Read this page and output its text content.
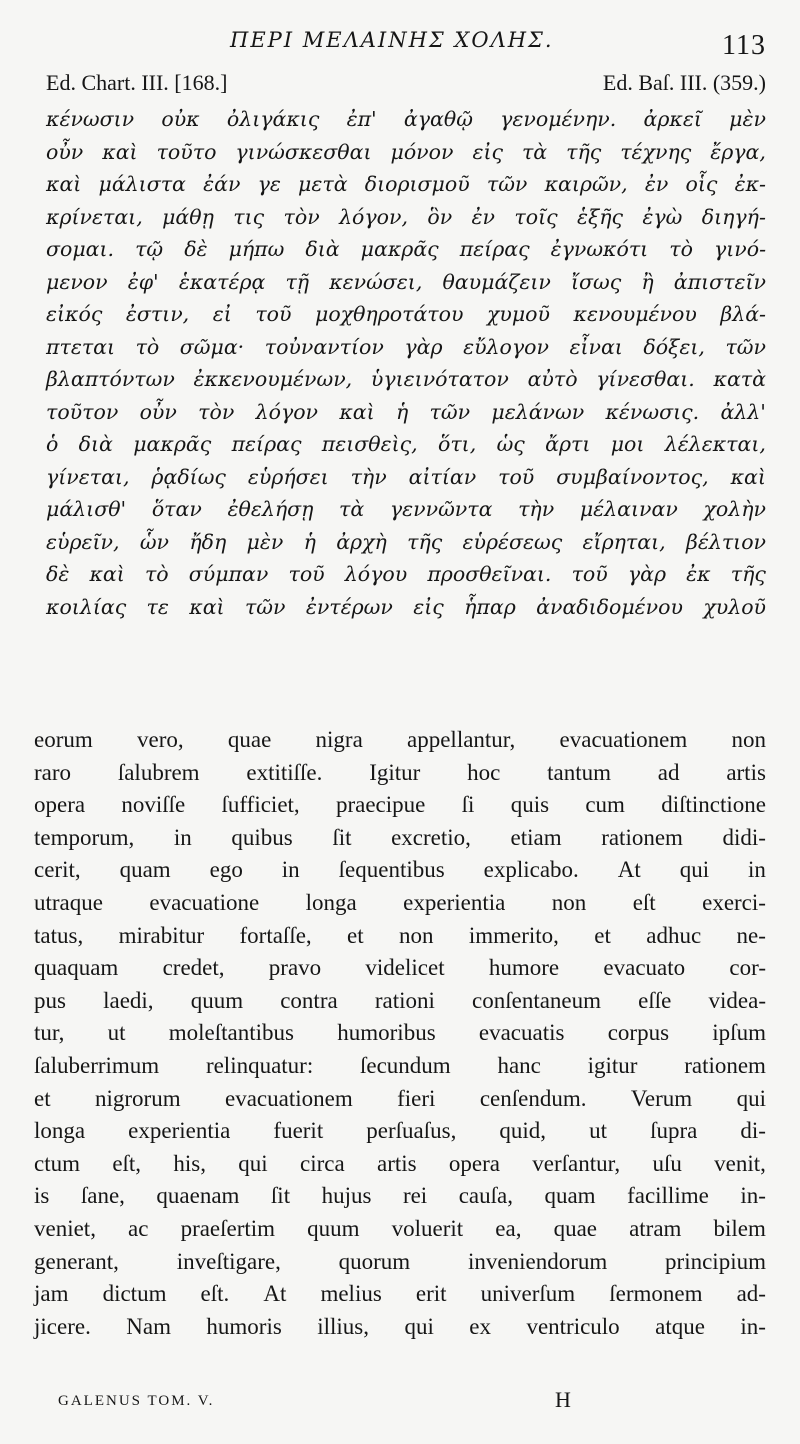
ΠΕΡΙ ΜΕΛΑΙΝΗΣ ΧΟΛΗΣ.	113
Ed. Chart. III. [168.]	Ed. Baſ. III. (359.)
κένωσιν οὐκ ὀλιγάκις ἐπ' ἀγαθῷ γενομένην. ἀρκεῖ μὲν
οὖν καὶ τοῦτο γινώσκεσθαι μόνον εἰς τὰ τῆς τέχνης ἔργα,
καὶ μάλιστα ἐάν γε μετὰ διορισμοῦ τῶν καιρῶν, ἐν οἷς ἐκ-
κρίνεται, μάθῃ τις τὸν λόγον, ὃν ἐν τοῖς ἑξῆς ἐγὼ διηγή-
σομαι. τῷ δὲ μήπω διὰ μακρᾶς πείρας ἐγνωκότι τὸ γινό-
μενον ἐφ' ἑκατέρᾳ τῇ κενώσει, θαυμάζειν ἴσως ἢ ἀπιστεῖν
εἰκός ἐστιν, εἰ τοῦ μοχθηροτάτου χυμοῦ κενουμένου βλά-
πτεται τὸ σῶμα· τοὐναντίον γὰρ εὔλογον εἶναι δόξει, τῶν
βλαπτόντων ἐκκενουμένων, ὑγιεινότατον αὐτὸ γίνεσθαι. κατὰ
τοῦτον οὖν τὸν λόγον καὶ ἡ τῶν μελάνων κένωσις. ἀλλ'
ὁ διὰ μακρᾶς πείρας πεισθεὶς, ὅτι, ὡς ἄρτι μοι λέλεκται,
γίνεται, ῥᾳδίως εὑρήσει τὴν αἰτίαν τοῦ συμβαίνοντος, καὶ
μάλισθ' ὅταν ἐθελήσῃ τὰ γεννῶντα τὴν μέλαιναν χολὴν
εὑρεῖν, ὧν ἤδη μὲν ἡ ἀρχὴ τῆς εὑρέσεως εἴρηται, βέλτιον
δὲ καὶ τὸ σύμπαν τοῦ λόγου προσθεῖναι. τοῦ γὰρ ἐκ τῆς
κοιλίας τε καὶ τῶν ἐντέρων εἰς ἧπαρ ἀναδιδομένου χυλοῦ
eorum vero, quae nigra appellantur, evacuationem non
raro ſalubrem extitiſſe. Igitur hoc tantum ad artis
opera noviſſe ſufficiet, praecipue ſi quis cum diſtinctione
temporum, in quibus ſit excretio, etiam rationem didi-
cerit, quam ego in ſequentibus explicabo. At qui in
utraque evacuatione longa experientia non eſt exerci-
tatus, mirabitur fortaſſe, et non immerito, et adhuc ne-
quaquam credet, pravo videlicet humore evacuato cor-
pus laedi, quum contra rationi conſentaneum eſſe videa-
tur, ut moleſtantibus humoribus evacuatis corpus ipſum
ſaluberrimum relinquatur: ſecundum hanc igitur rationem
et nigrorum evacuationem fieri cenſendum. Verum qui
longa experientia fuerit perſuaſus, quid, ut ſupra di-
ctum eſt, his, qui circa artis opera verſantur, uſu venit,
is ſane, quaenam ſit hujus rei cauſa, quam facillime in-
veniet, ac praeſertim quum voluerit ea, quae atram bilem
generant,	inveſtigare,	quorum	inveniendorum	principium
jam dictum eſt. At melius erit univerſum ſermonem ad-
jicere. Nam humoris illius, qui ex ventriculo atque in-
GALENUS TOM. V.	H
